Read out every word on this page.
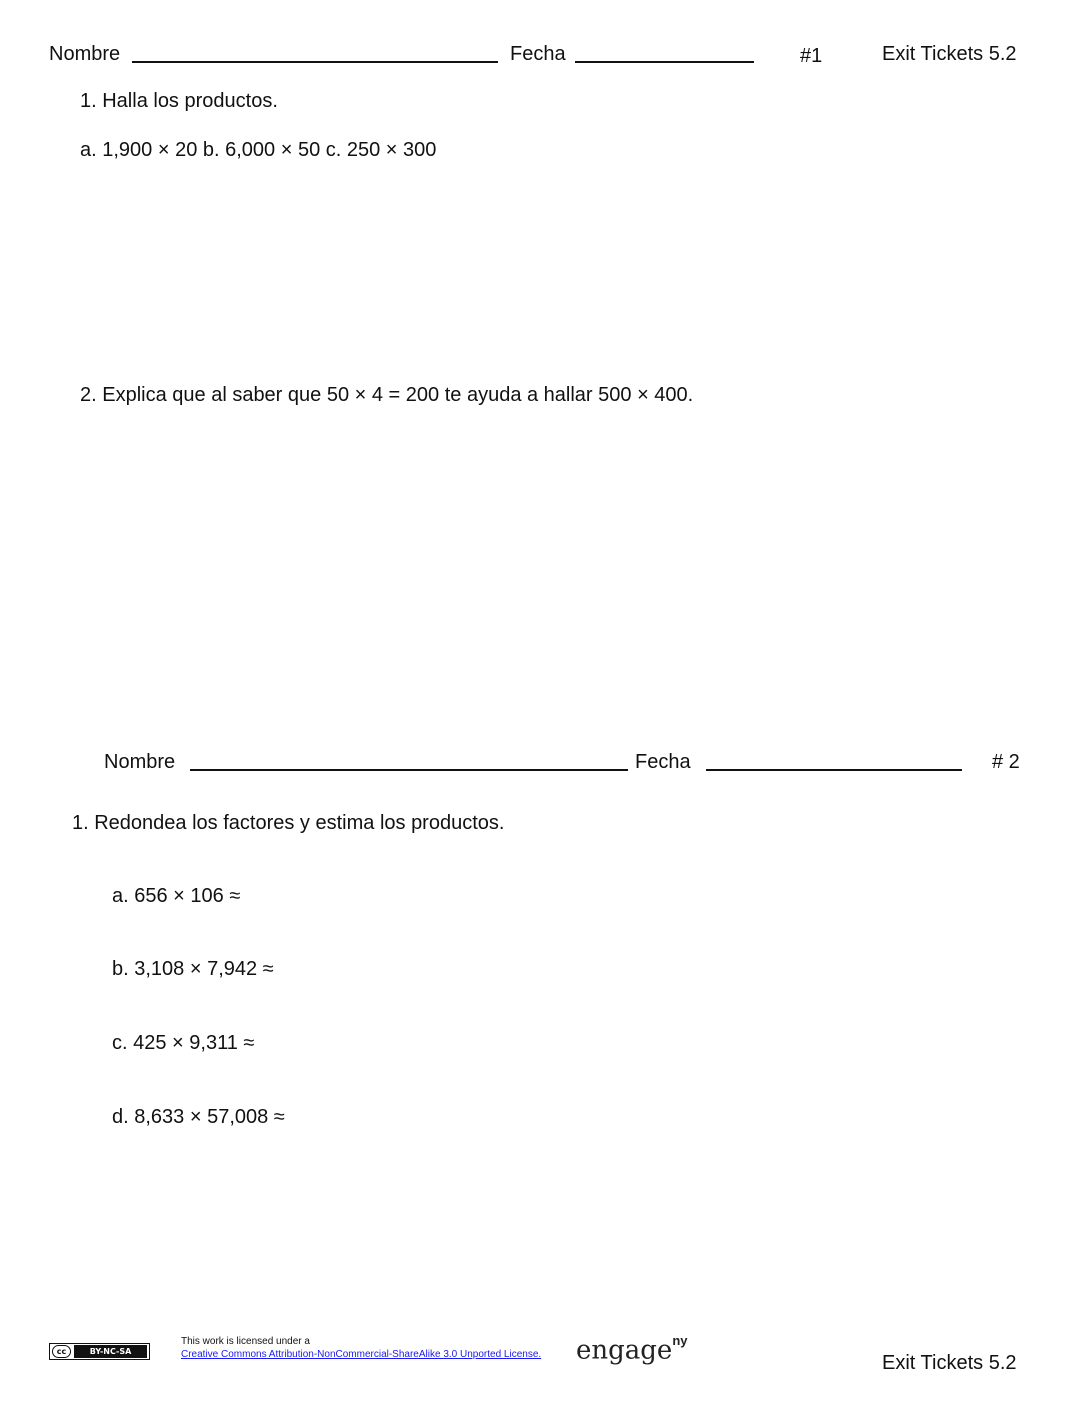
Nombre	Fecha	#1	Exit Tickets 5.2
1. Halla los productos.
a. 1,900 × 20 b. 6,000 × 50 c. 250 × 300
2. Explica que al saber que 50 × 4 = 200 te ayuda a hallar 500 × 400.
Nombre	Fecha	# 2
1. Redondea los factores y estima los productos.
a. 656 × 106 ≈
b. 3,108 × 7,942 ≈
c. 425 × 9,311 ≈
d. 8,633 × 57,008 ≈
cc	BY-NC-SA
This work is licensed under a
Creative Commons Attribution-NonCommercial-ShareAlike 3.0 Unported License. engage$^{ny}$
Exit Tickets 5.2
